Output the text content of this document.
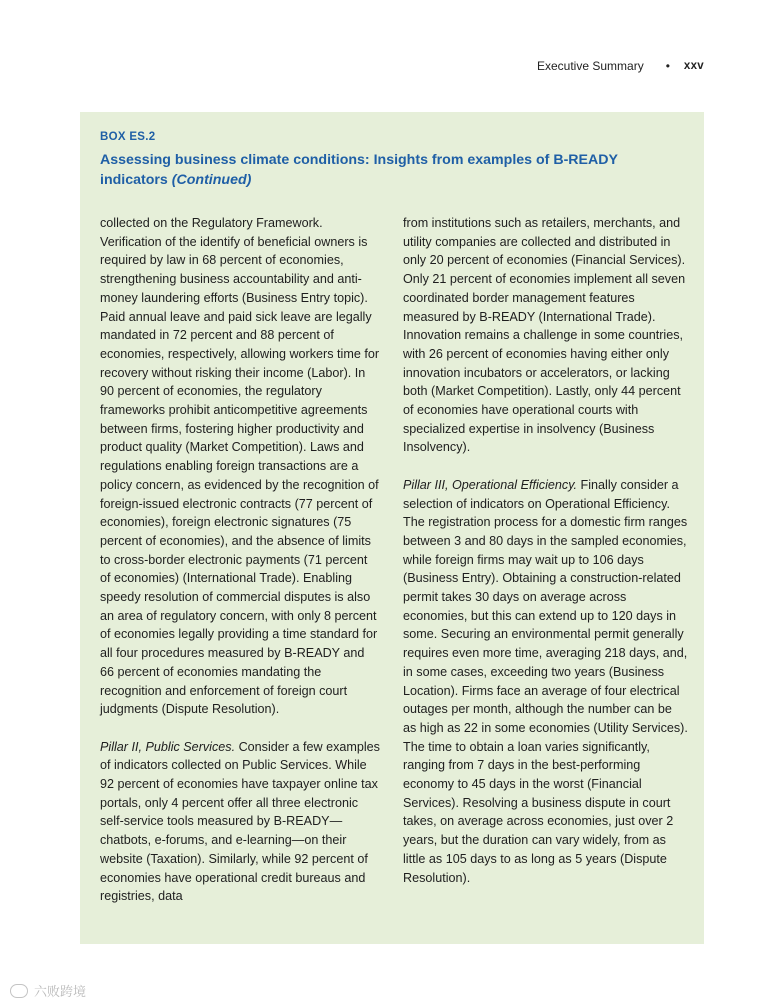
Executive Summary • xxv
BOX ES.2
Assessing business climate conditions: Insights from examples of B-READY indicators (Continued)

collected on the Regulatory Framework. Verification of the identify of beneficial owners is required by law in 68 percent of economies, strengthening business accountability and anti-money laundering efforts (Business Entry topic). Paid annual leave and paid sick leave are legally mandated in 72 percent and 88 percent of economies, respectively, allowing workers time for recovery without risking their income (Labor). In 90 percent of economies, the regulatory frameworks prohibit anticompetitive agreements between firms, fostering higher productivity and product quality (Market Competition). Laws and regulations enabling foreign transactions are a policy concern, as evidenced by the recognition of foreign-issued electronic contracts (77 percent of economies), foreign electronic signatures (75 percent of economies), and the absence of limits to cross-border electronic payments (71 percent of economies) (International Trade). Enabling speedy resolution of commercial disputes is also an area of regulatory concern, with only 8 percent of economies legally providing a time standard for all four procedures measured by B-READY and 66 percent of economies mandating the recognition and enforcement of foreign court judgments (Dispute Resolution).

Pillar II, Public Services. Consider a few examples of indicators collected on Public Services. While 92 percent of economies have taxpayer online tax portals, only 4 percent offer all three electronic self-service tools measured by B-READY—chatbots, e-forums, and e-learning—on their website (Taxation). Similarly, while 92 percent of economies have operational credit bureaus and registries, data

from institutions such as retailers, merchants, and utility companies are collected and distributed in only 20 percent of economies (Financial Services). Only 21 percent of economies implement all seven coordinated border management features measured by B-READY (International Trade). Innovation remains a challenge in some countries, with 26 percent of economies having either only innovation incubators or accelerators, or lacking both (Market Competition). Lastly, only 44 percent of economies have operational courts with specialized expertise in insolvency (Business Insolvency).

Pillar III, Operational Efficiency. Finally consider a selection of indicators on Operational Efficiency. The registration process for a domestic firm ranges between 3 and 80 days in the sampled economies, while foreign firms may wait up to 106 days (Business Entry). Obtaining a construction-related permit takes 30 days on average across economies, but this can extend up to 120 days in some. Securing an environmental permit generally requires even more time, averaging 218 days, and, in some cases, exceeding two years (Business Location). Firms face an average of four electrical outages per month, although the number can be as high as 22 in some economies (Utility Services). The time to obtain a loan varies significantly, ranging from 7 days in the best-performing economy to 45 days in the worst (Financial Services). Resolving a business dispute in court takes, on average across economies, just over 2 years, but the duration can vary widely, from as little as 105 days to as long as 5 years (Dispute Resolution).

六败跨境
